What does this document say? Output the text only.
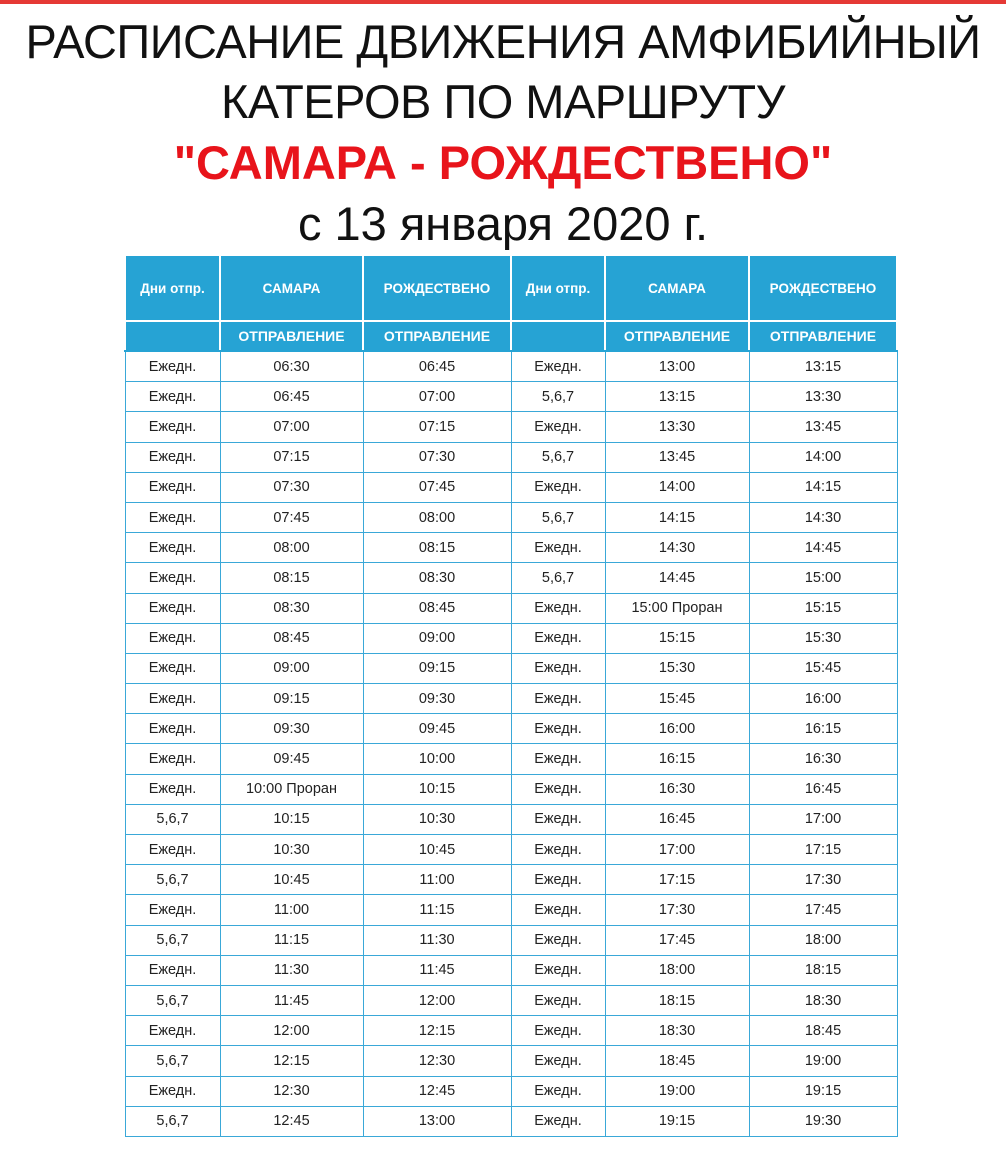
РАСПИСАНИЕ ДВИЖЕНИЯ АМФИБИЙНЫЙ
КАТЕРОВ ПО МАРШРУТУ
"САМАРА - РОЖДЕСТВЕНО"
с 13 января 2020 г.
Дни отпр.	САМАРА	РОЖДЕСТВЕНО	Дни отпр.	САМАРА	РОЖДЕСТВЕНО
	ОТПРАВЛЕНИЕ	ОТПРАВЛЕНИЕ		ОТПРАВЛЕНИЕ	ОТПРАВЛЕНИЕ
Ежедн.	06:30	06:45	Ежедн.	13:00	13:15
Ежедн.	06:45	07:00	5,6,7	13:15	13:30
Ежедн.	07:00	07:15	Ежедн.	13:30	13:45
Ежедн.	07:15	07:30	5,6,7	13:45	14:00
Ежедн.	07:30	07:45	Ежедн.	14:00	14:15
Ежедн.	07:45	08:00	5,6,7	14:15	14:30
Ежедн.	08:00	08:15	Ежедн.	14:30	14:45
Ежедн.	08:15	08:30	5,6,7	14:45	15:00
Ежедн.	08:30	08:45	Ежедн.	15:00 Проран	15:15
Ежедн.	08:45	09:00	Ежедн.	15:15	15:30
Ежедн.	09:00	09:15	Ежедн.	15:30	15:45
Ежедн.	09:15	09:30	Ежедн.	15:45	16:00
Ежедн.	09:30	09:45	Ежедн.	16:00	16:15
Ежедн.	09:45	10:00	Ежедн.	16:15	16:30
Ежедн.	10:00 Проран	10:15	Ежедн.	16:30	16:45
5,6,7	10:15	10:30	Ежедн.	16:45	17:00
Ежедн.	10:30	10:45	Ежедн.	17:00	17:15
5,6,7	10:45	11:00	Ежедн.	17:15	17:30
Ежедн.	11:00	11:15	Ежедн.	17:30	17:45
5,6,7	11:15	11:30	Ежедн.	17:45	18:00
Ежедн.	11:30	11:45	Ежедн.	18:00	18:15
5,6,7	11:45	12:00	Ежедн.	18:15	18:30
Ежедн.	12:00	12:15	Ежедн.	18:30	18:45
5,6,7	12:15	12:30	Ежедн.	18:45	19:00
Ежедн.	12:30	12:45	Ежедн.	19:00	19:15
5,6,7	12:45	13:00	Ежедн.	19:15	19:30
